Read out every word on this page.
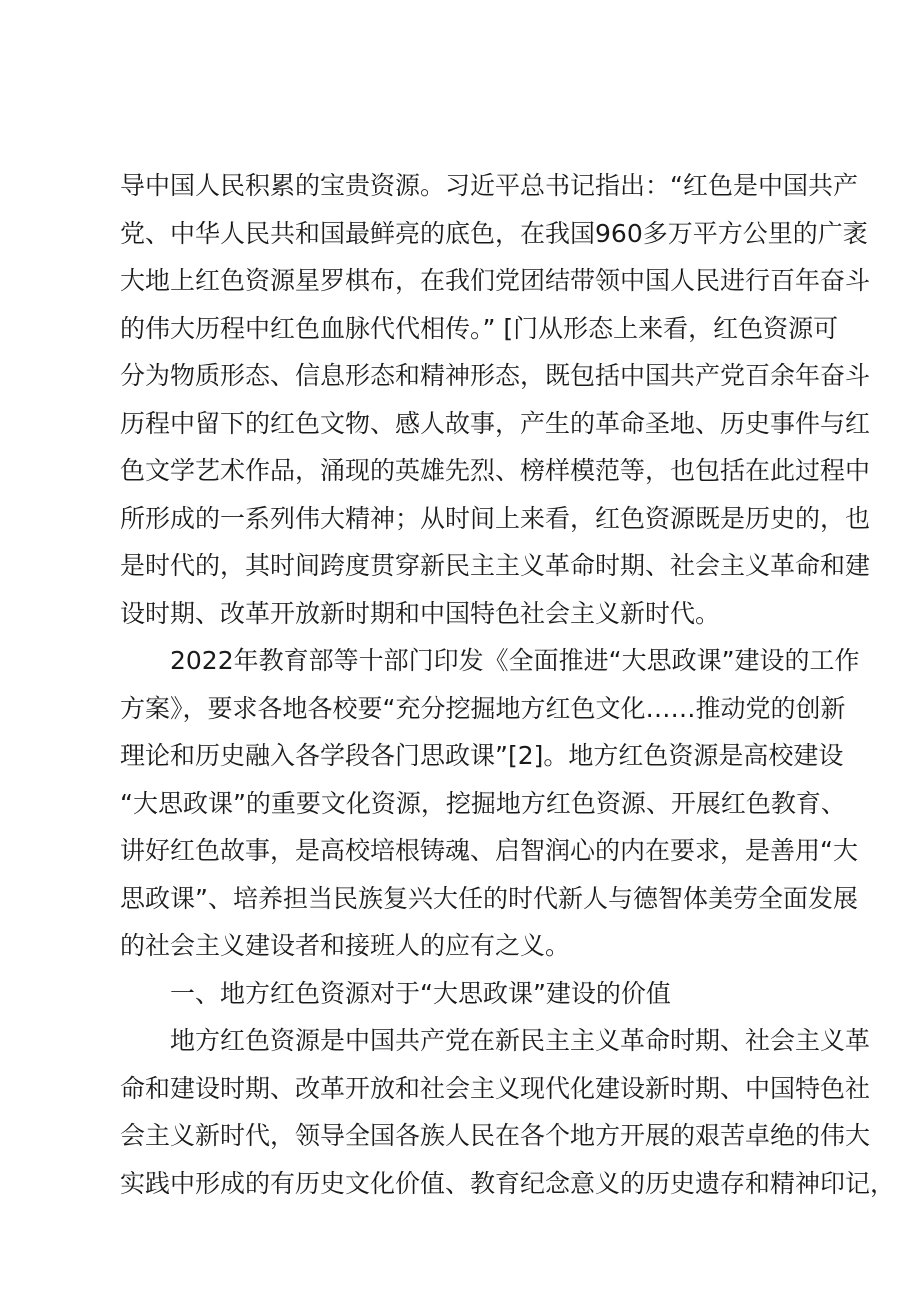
导中国人民积累的宝贵资源。习近平总书记指出：“红色是中国共产
党、中华人民共和国最鲜亮的底色，在我国960多万平方公里的广袤
大地上红色资源星罗棋布，在我们党团结带领中国人民进行百年奋斗
的伟大历程中红色血脉代代相传。” [门从形态上来看，红色资源可
分为物质形态、信息形态和精神形态，既包括中国共产党百余年奋斗
历程中留下的红色文物、感人故事，产生的革命圣地、历史事件与红
色文学艺术作品，涌现的英雄先烈、榜样模范等，也包括在此过程中
所形成的一系列伟大精神；从时间上来看，红色资源既是历史的，也
是时代的，其时间跨度贯穿新民主主义革命时期、社会主义革命和建
设时期、改革开放新时期和中国特色社会主义新时代。
2022年教育部等十部门印发《全面推进“大思政课”建设的工作
方案》，要求各地各校要“充分挖掘地方红色文化……推动党的创新
理论和历史融入各学段各门思政课”[2]。地方红色资源是高校建设
“大思政课”的重要文化资源，挖掘地方红色资源、开展红色教育、
讲好红色故事，是高校培根铸魂、启智润心的内在要求，是善用“大
思政课”、培养担当民族复兴大任的时代新人与德智体美劳全面发展
的社会主义建设者和接班人的应有之义。
一、地方红色资源对于“大思政课”建设的价值
地方红色资源是中国共产党在新民主主义革命时期、社会主义革
命和建设时期、改革开放和社会主义现代化建设新时期、中国特色社
会主义新时代，领导全国各族人民在各个地方开展的艰苦卓绝的伟大
实践中形成的有历史文化价值、教育纪念意义的历史遗存和精神印记，
